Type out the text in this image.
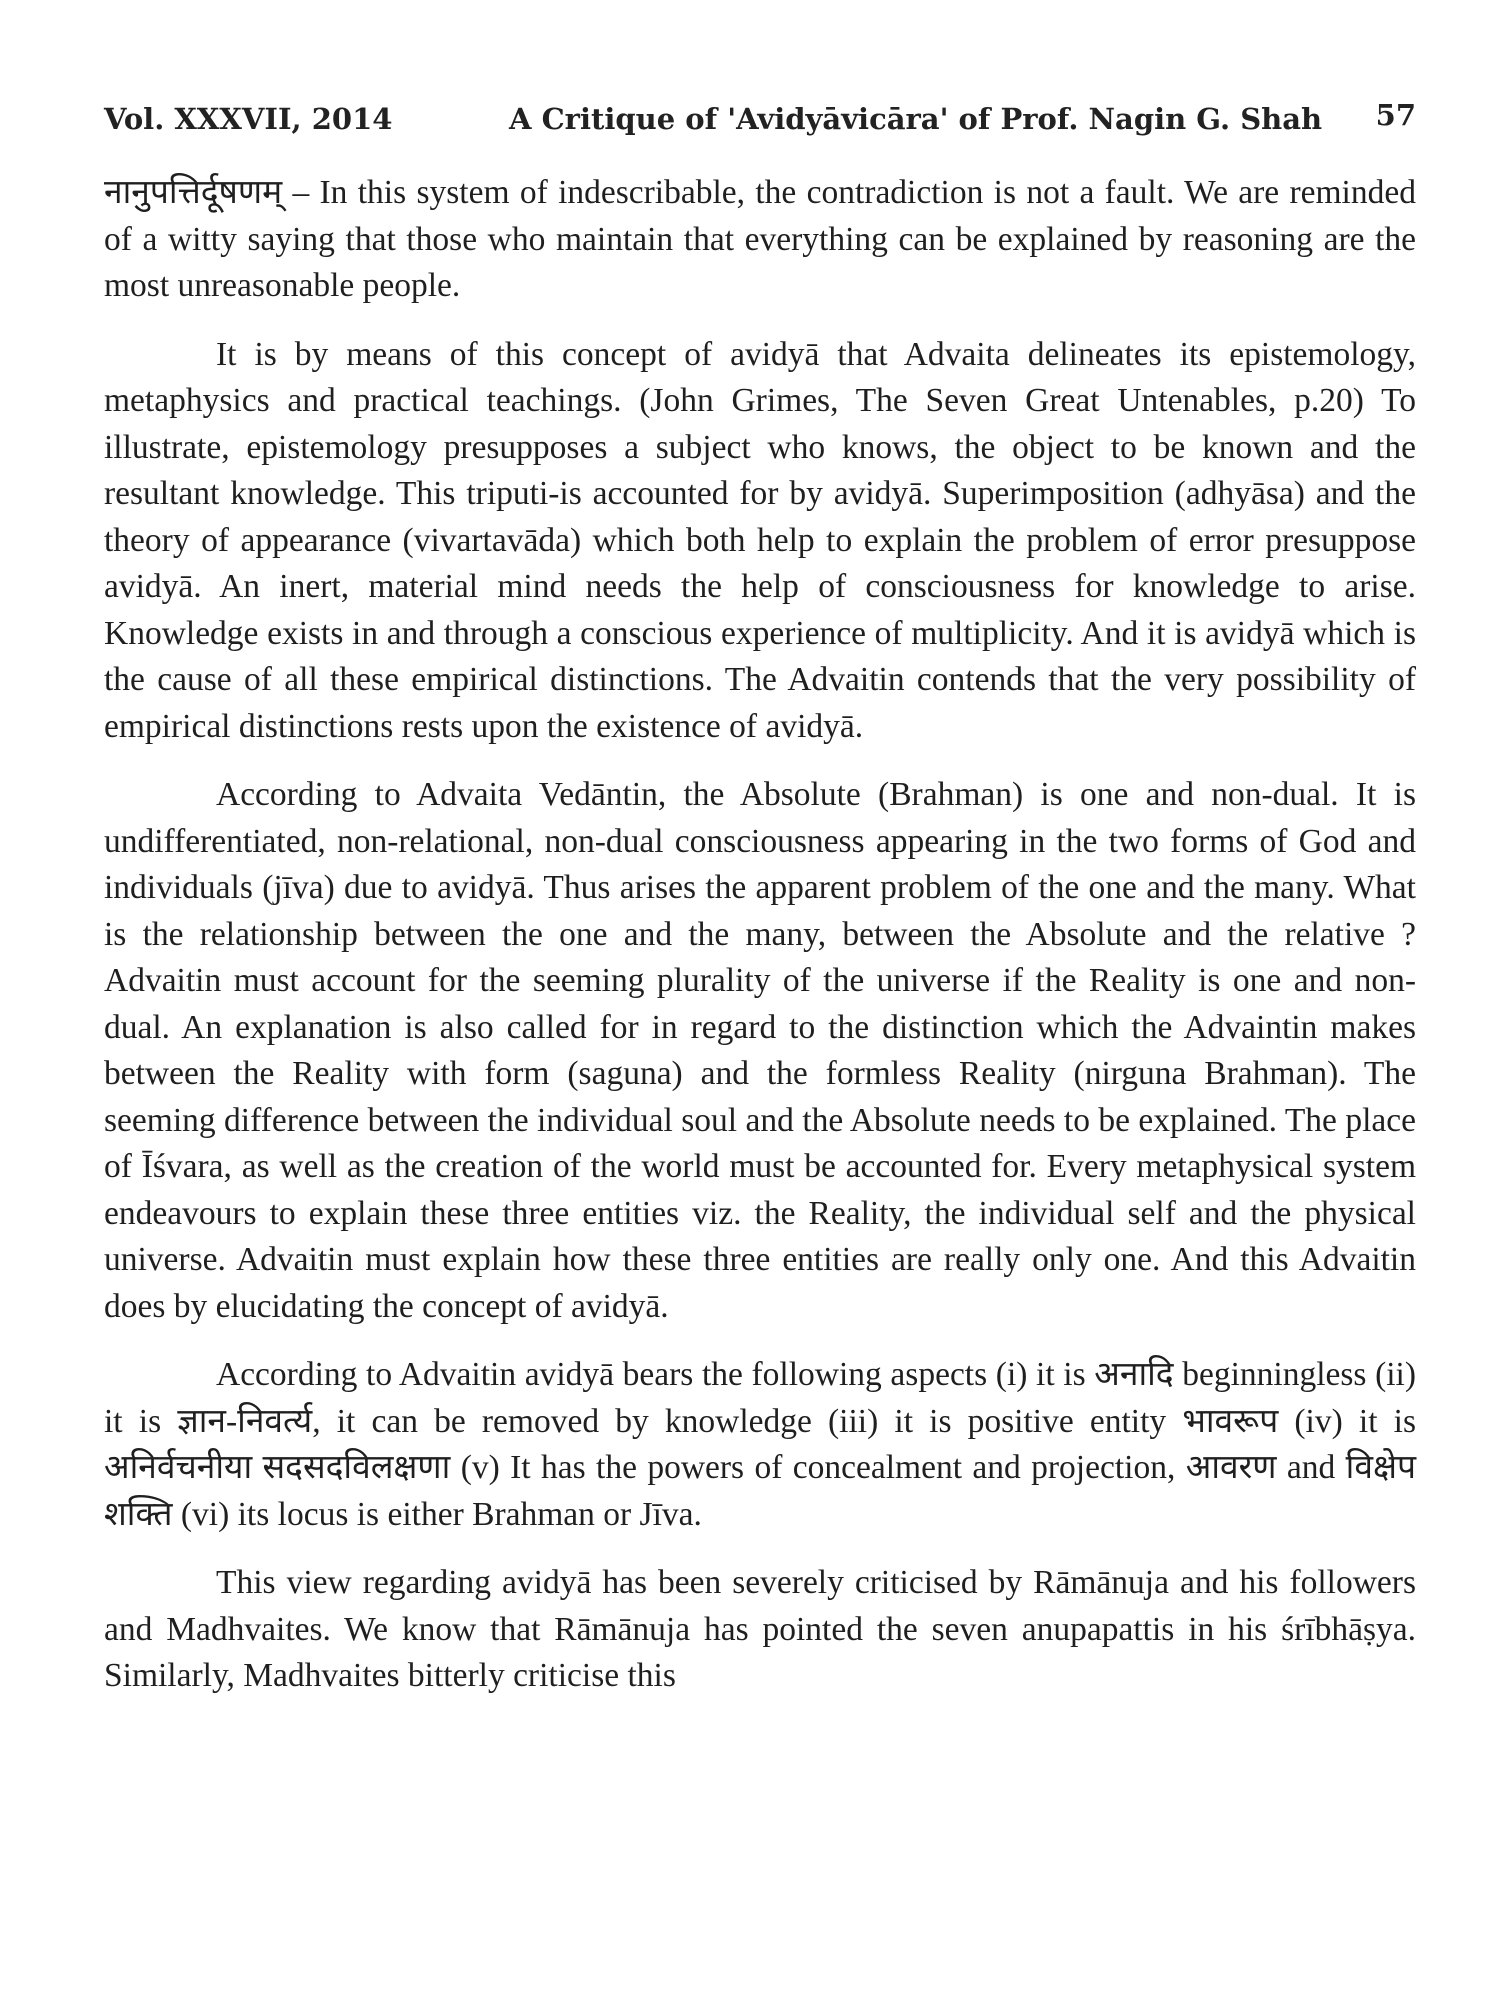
Vol. XXXVII, 2014	A Critique of 'Avidyāvicāra' of Prof. Nagin G. Shah 57

नानुपत्तिर्दूषणम् – In this system of indescribable, the contradiction is not a fault. We are reminded of a witty saying that those who maintain that everything can be explained by reasoning are the most unreasonable people.

It is by means of this concept of avidyā that Advaita delineates its epistemology, metaphysics and practical teachings. (John Grimes, The Seven Great Untenables, p.20) To illustrate, epistemology presupposes a subject who knows, the object to be known and the resultant knowledge. This triputi-is accounted for by avidyā. Superimposition (adhyāsa) and the theory of appearance (vivartavāda) which both help to explain the problem of error presuppose avidyā. An inert, material mind needs the help of consciousness for knowledge to arise. Knowledge exists in and through a conscious experience of multiplicity. And it is avidyā which is the cause of all these empirical distinctions. The Advaitin contends that the very possibility of empirical distinctions rests upon the existence of avidyā.

According to Advaita Vedāntin, the Absolute (Brahman) is one and non-dual. It is undifferentiated, non-relational, non-dual consciousness appearing in the two forms of God and individuals (jīva) due to avidyā. Thus arises the apparent problem of the one and the many. What is the relationship between the one and the many, between the Absolute and the relative ? Advaitin must account for the seeming plurality of the universe if the Reality is one and non-dual. An explanation is also called for in regard to the distinction which the Advaintin makes between the Reality with form (saguna) and the formless Reality (nirguna Brahman). The seeming difference between the individual soul and the Absolute needs to be explained. The place of Īśvara, as well as the creation of the world must be accounted for. Every metaphysical system endeavours to explain these three entities viz. the Reality, the individual self and the physical universe. Advaitin must explain how these three entities are really only one. And this Advaitin does by elucidating the concept of avidyā.

According to Advaitin avidyā bears the following aspects (i) it is अनादि beginningless (ii) it is ज्ञान-निवर्त्य, it can be removed by knowledge (iii) it is positive entity भावरूप (iv) it is अनिर्वचनीया सदसदविलक्षणा (v) It has the powers of concealment and projection, आवरण and विक्षेप शक्ति (vi) its locus is either Brahman or Jīva.

This view regarding avidyā has been severely criticised by Rāmānuja and his followers and Madhvaites. We know that Rāmānuja has pointed the seven anupapattis in his śrībhāṣya. Similarly, Madhvaites bitterly criticise this
